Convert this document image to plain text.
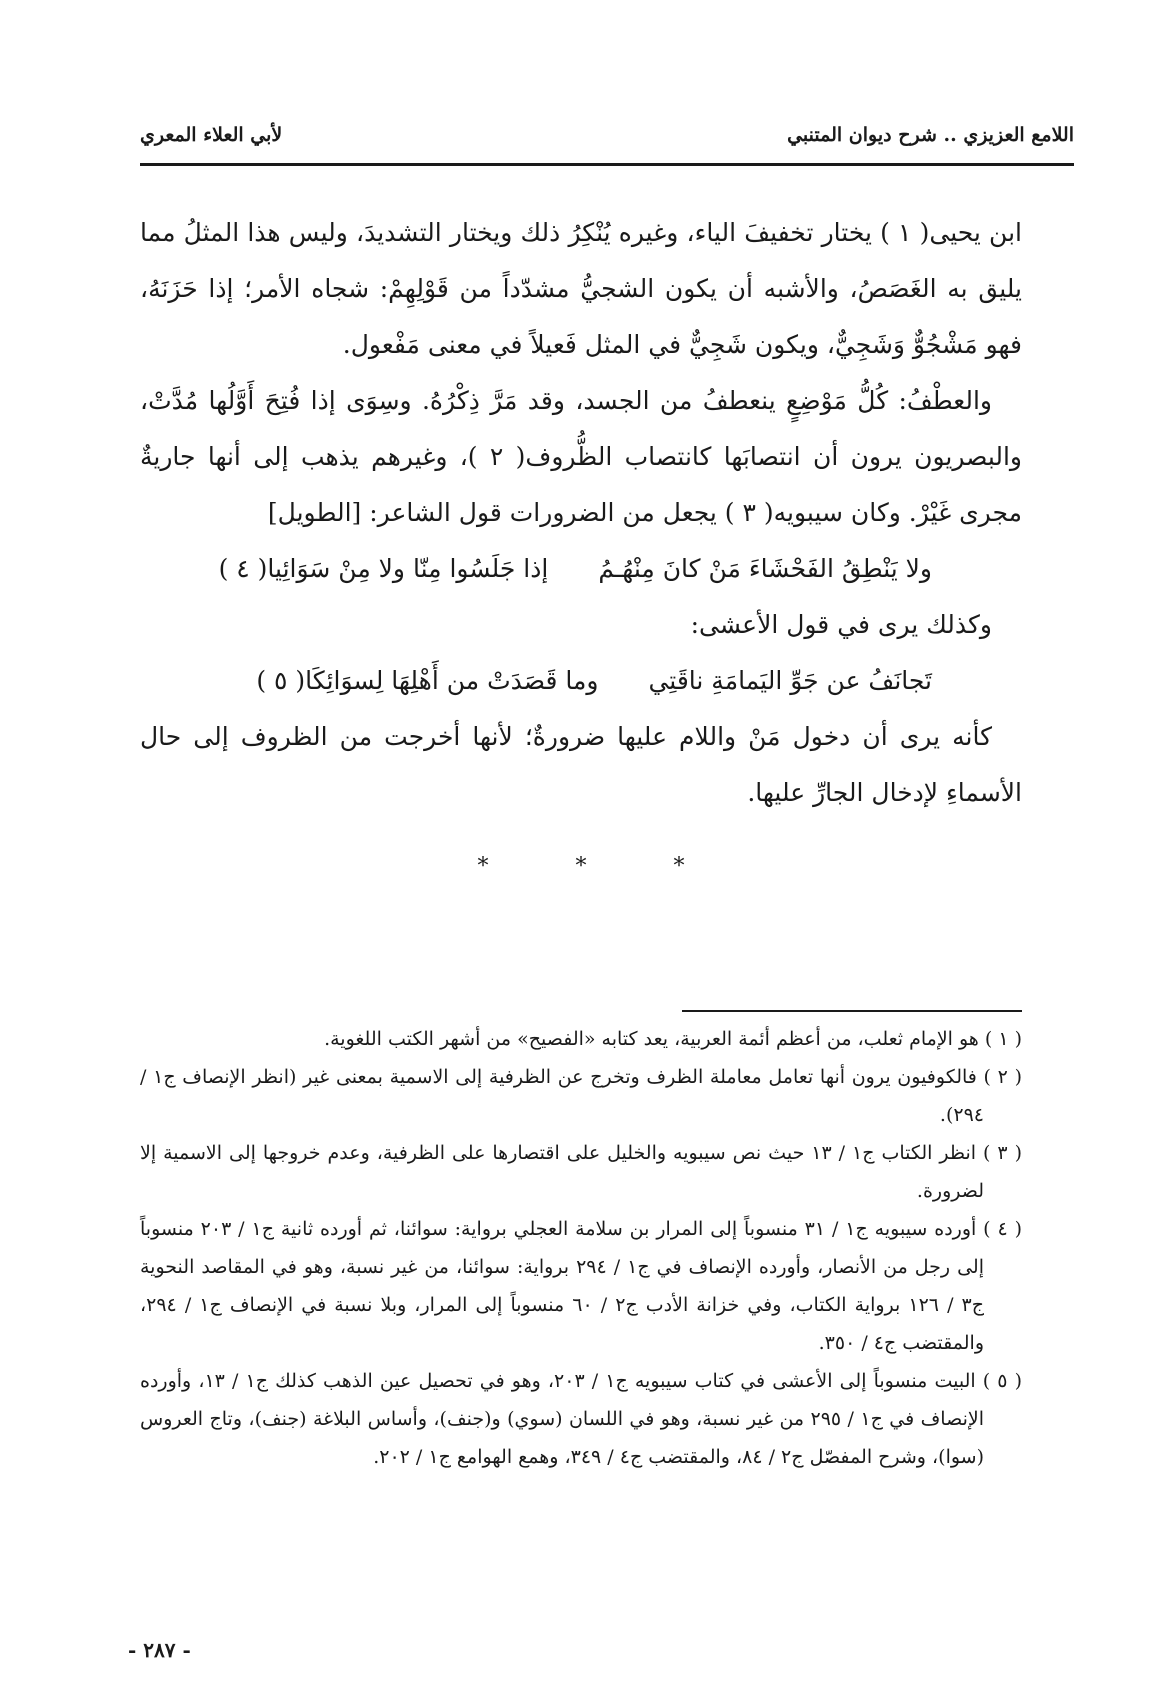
اللامع العزيزي .. شرح ديوان المتنبي
لأبي العلاء المعري

ابن يحيى( ١ ) يختار تخفيفَ الياء، وغيره يُنْكِرُ ذلك ويختار التشديدَ، وليس هذا المثلُ مما يليق به الغَصَصُ، والأشبه أن يكون الشجيُّ مشدّداً من قَوْلِهِمْ: شجاه الأمر؛ إذا حَزَنَهُ، فهو مَشْجُوٌّ وَشَجِيٌّ، ويكون شَجِيٌّ في المثل فَعيلاً في معنى مَفْعول.

والعطْفُ: كُلُّ مَوْضِعٍ ينعطفُ من الجسد، وقد مَرَّ ذِكْرُهُ. وسِوَى إذا فُتِحَ أَوَّلُها مُدَّتْ، والبصريون يرون أن انتصابَها كانتصاب الظُّروف( ٢ )، وغيرهم يذهب إلى أنها جاريةٌ مجرى غَيْرْ. وكان سيبويه( ٣ ) يجعل من الضرورات قول الشاعر: [الطويل]

ولا يَنْطِقُ الفَحْشَاءَ مَنْ كانَ مِنْهُـمُ
إذا جَلَسُوا مِنّا ولا مِنْ سَوَائِيا( ٤ )

وكذلك يرى في قول الأعشى:

تَجانَفُ عن جَوِّ اليَمامَةِ ناقَتِي
وما قَصَدَتْ من أَهْلِهَا لِسوَائِكَا( ٥ )

كأنه يرى أن دخول مَنْ واللام عليها ضرورةٌ؛ لأنها أخرجت من الظروف إلى حال الأسماءِ لإدخال الجارِّ عليها.

* * *

( ١ ) هو الإمام ثعلب، من أعظم أئمة العربية، يعد كتابه «الفصيح» من أشهر الكتب اللغوية.

( ٢ ) فالكوفيون يرون أنها تعامل معاملة الظرف وتخرج عن الظرفية إلى الاسمية بمعنى غير (انظر الإنصاف ج١ / ٢٩٤).

( ٣ ) انظر الكتاب ج١ / ١٣ حيث نص سيبويه والخليل على اقتصارها على الظرفية، وعدم خروجها إلى الاسمية إلا لضرورة.

( ٤ ) أورده سيبويه ج١ / ٣١ منسوباً إلى المرار بن سلامة العجلي برواية: سوائنا، ثم أورده ثانية ج١ / ٢٠٣ منسوباً إلى رجل من الأنصار، وأورده الإنصاف في ج١ / ٢٩٤ برواية: سوائنا، من غير نسبة، وهو في المقاصد النحوية ج٣ / ١٢٦ برواية الكتاب، وفي خزانة الأدب ج٢ / ٦٠ منسوباً إلى المرار، وبلا نسبة في الإنصاف ج١ / ٢٩٤، والمقتضب ج٤ / ٣٥٠.

( ٥ ) البيت منسوباً إلى الأعشى في كتاب سيبويه ج١ / ٢٠٣، وهو في تحصيل عين الذهب كذلك ج١ / ١٣، وأورده الإنصاف في ج١ / ٢٩٥ من غير نسبة، وهو في اللسان (سوي) و(جنف)، وأساس البلاغة (جنف)، وتاج العروس (سوا)، وشرح المفصّل ج٢ / ٨٤، والمقتضب ج٤ / ٣٤٩، وهمع الهوامع ج١ / ٢٠٢.

- ٢٨٧ -
